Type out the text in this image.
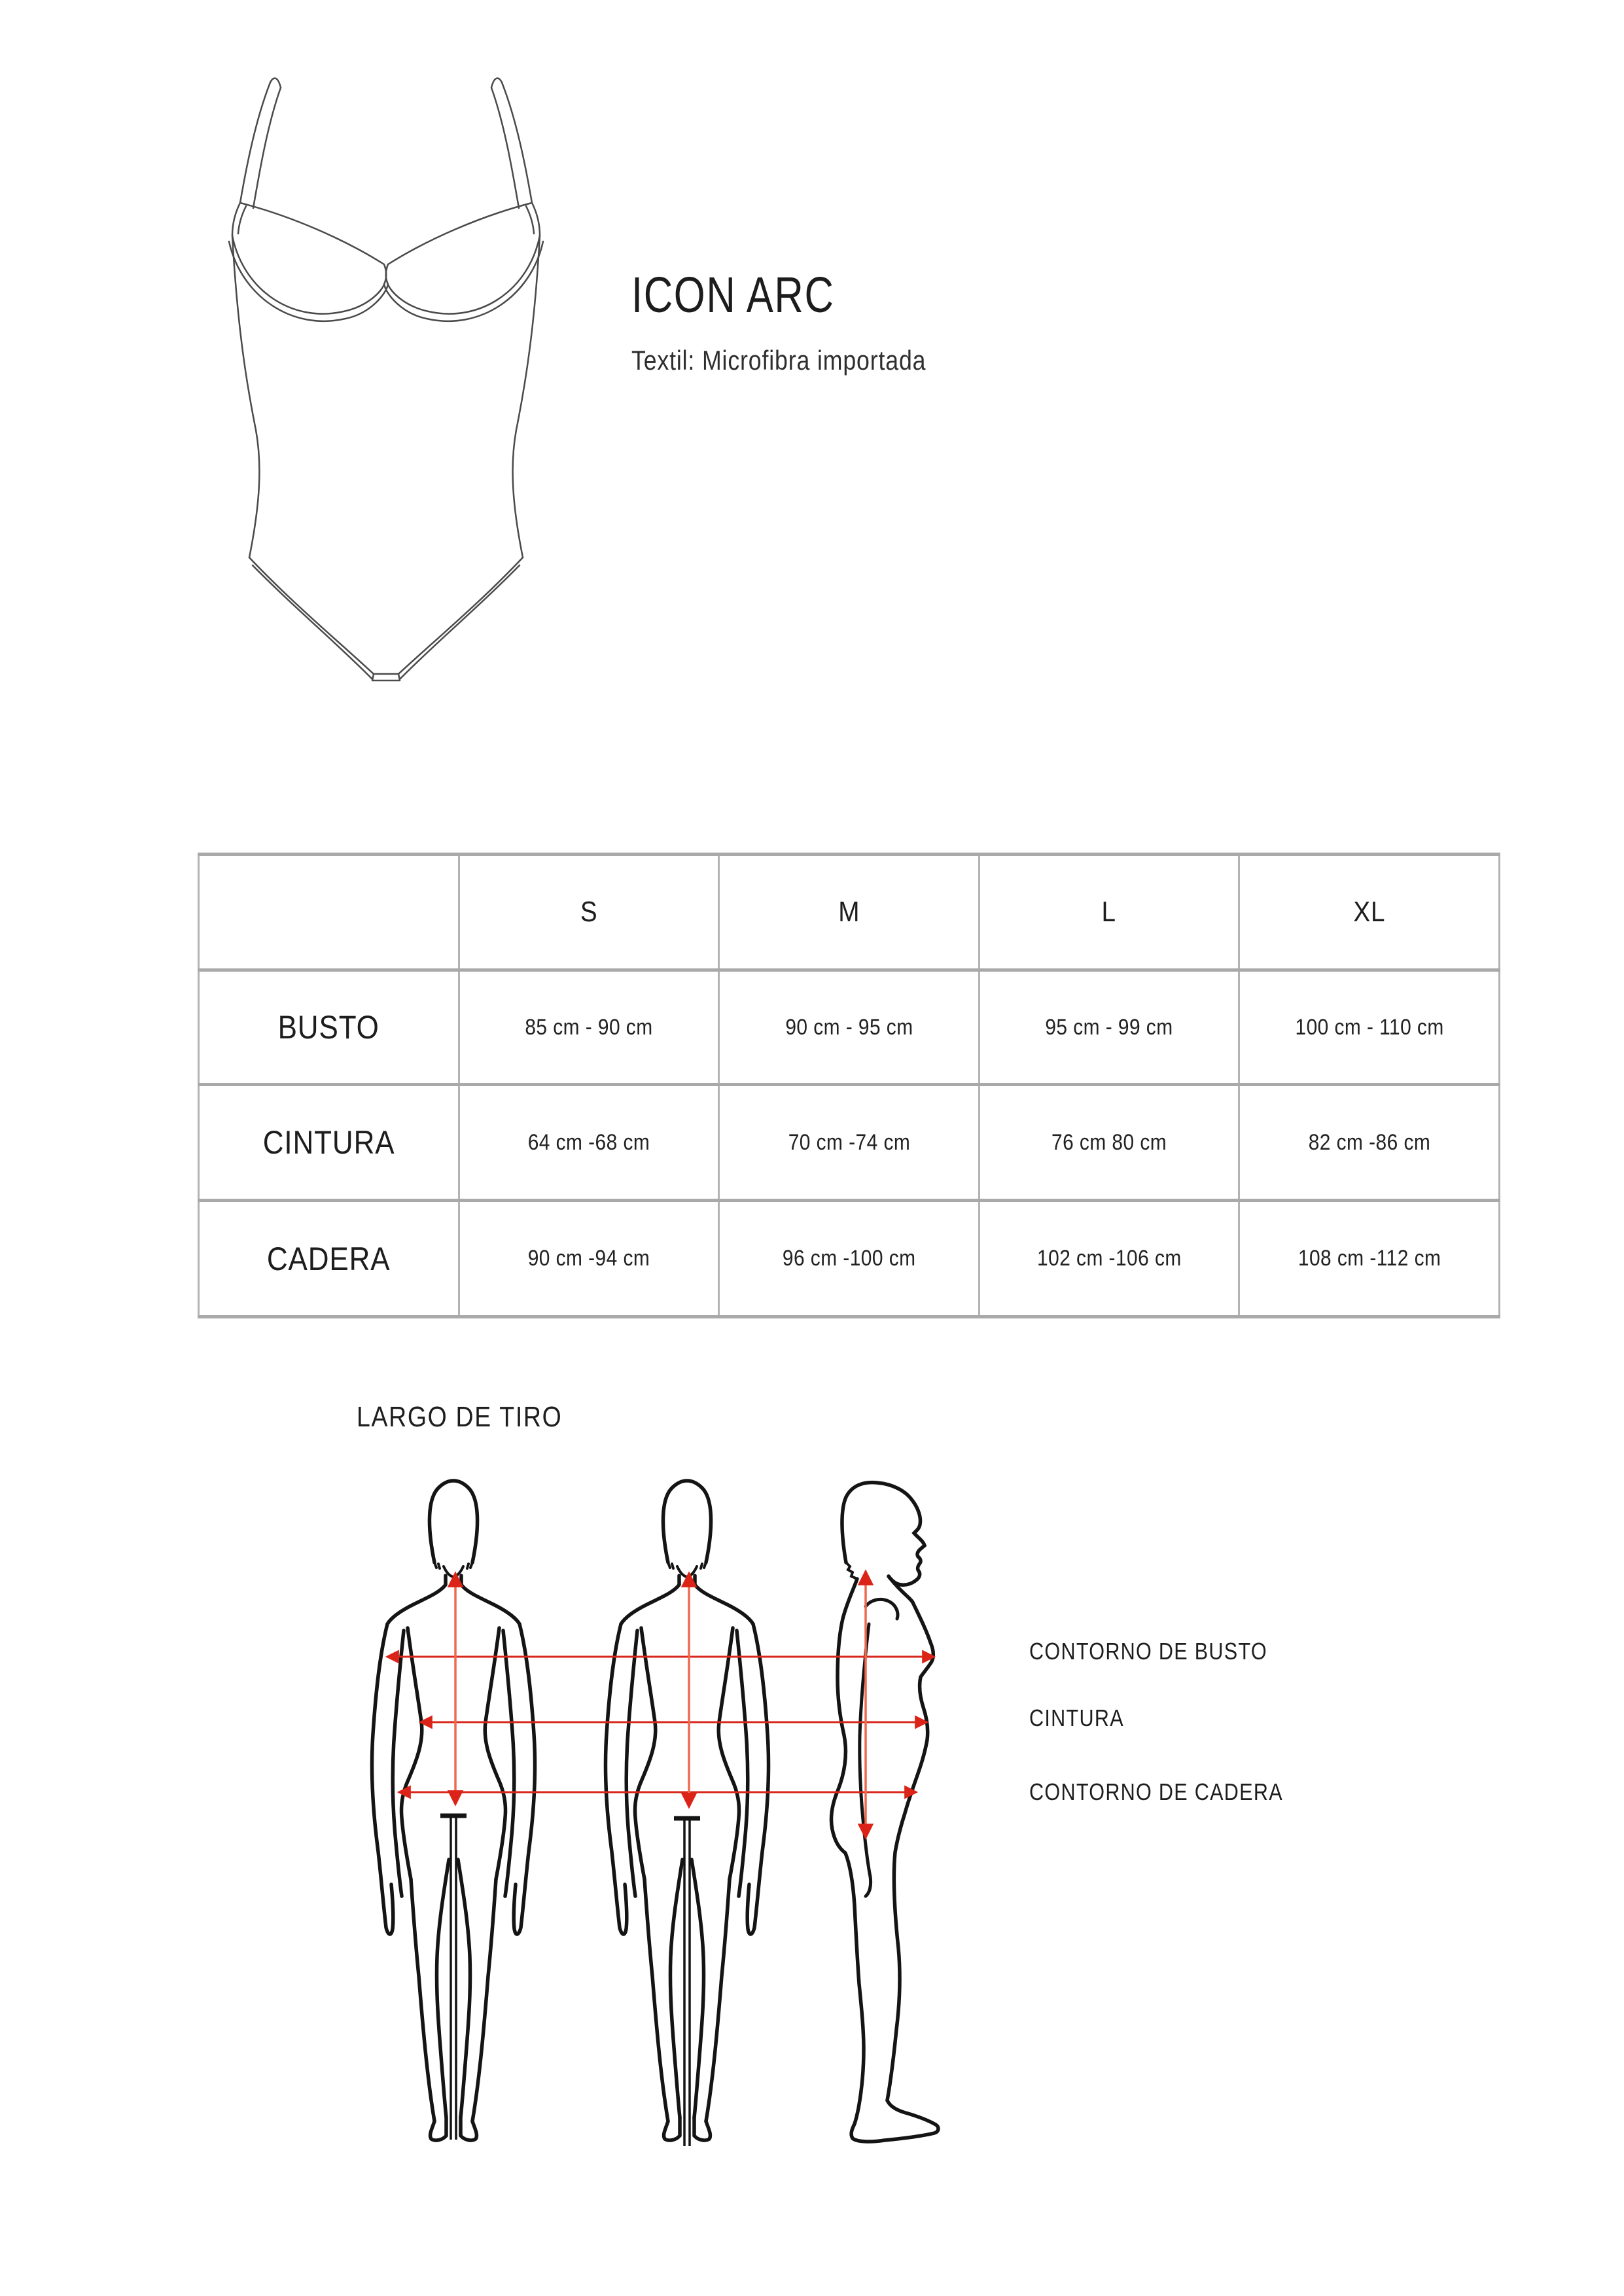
ICON ARC
Textil: Microfibra importada
	S	M	L	XL
BUSTO	85 cm - 90 cm	90 cm - 95 cm	95 cm - 99 cm	100 cm - 110 cm
CINTURA	64 cm -68 cm	70 cm -74 cm	76 cm 80 cm	82 cm -86 cm
CADERA	90 cm -94 cm	96 cm -100 cm	102 cm -106 cm	108 cm -112 cm
LARGO DE TIRO
CONTORNO DE BUSTO
CINTURA
CONTORNO DE CADERA
